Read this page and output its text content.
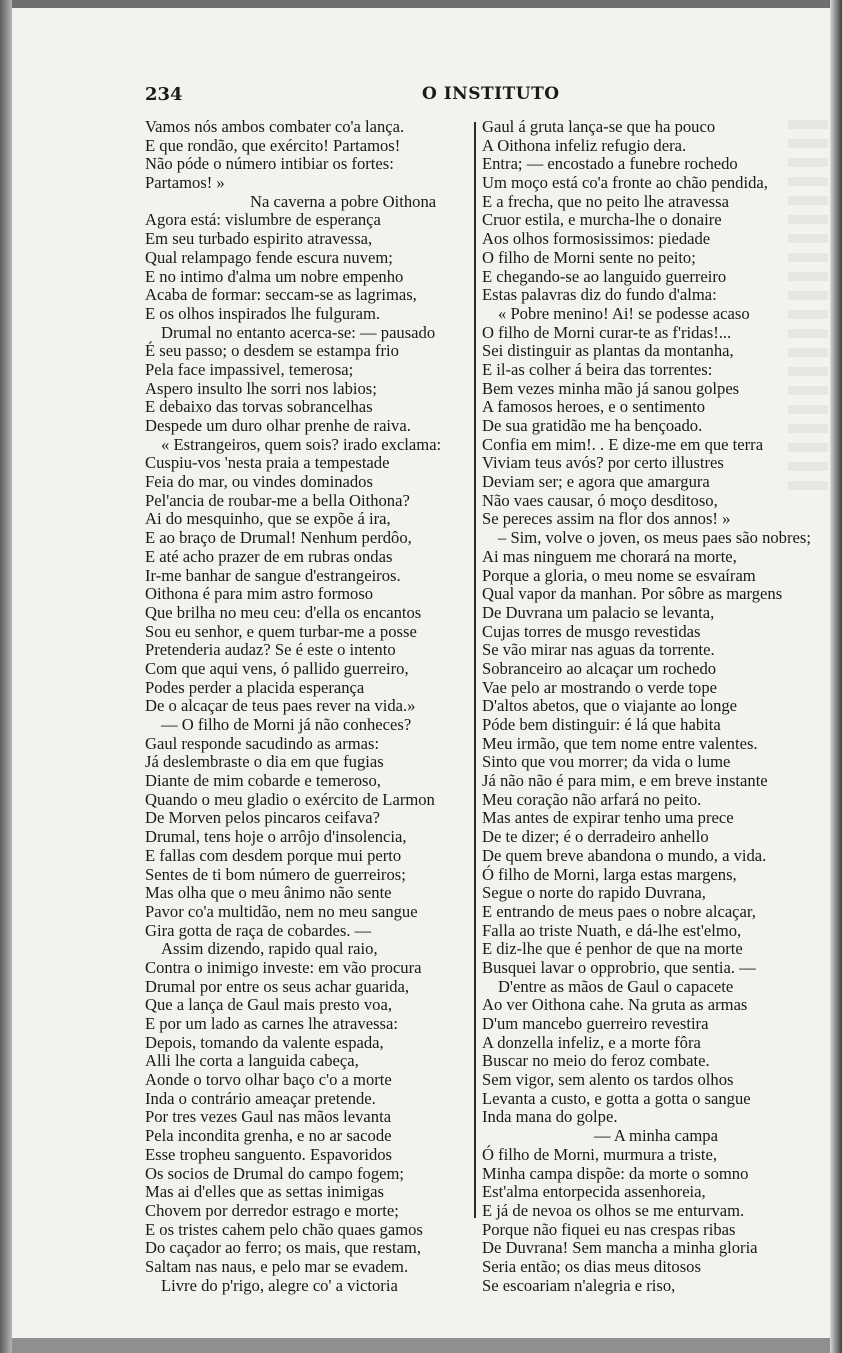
234	O INSTITUTO
Vamos nós ambos combater co'a lança.
E que rondão, que exército! Partamos!
Não póde o número intibiar os fortes:
Partamos! »
Na caverna a pobre Oithona
Agora está: vislumbre de esperança
Em seu turbado espirito atravessa,
Qual relampago fende escura nuvem;
E no intimo d'alma um nobre empenho
Acaba de formar: seccam-se as lagrimas,
E os olhos inspirados lhe fulguram.
Drumal no entanto acerca-se: — pausado
É seu passo; o desdem se estampa frio
Pela face impassivel, temerosa;
Aspero insulto lhe sorri nos labios;
E debaixo das torvas sobrancelhas
Despede um duro olhar prenhe de raiva.
« Estrangeiros, quem sois? irado exclama:
Cuspiu-vos 'nesta praia a tempestade
Feia do mar, ou vindes dominados
Pel'ancia de roubar-me a bella Oithona?
Ai do mesquinho, que se expõe á ira,
E ao braço de Drumal! Nenhum perdôo,
E até acho prazer de em rubras ondas
Ir-me banhar de sangue d'estrangeiros.
Oithona é para mim astro formoso
Que brilha no meu ceu: d'ella os encantos
Sou eu senhor, e quem turbar-me a posse
Pretenderia audaz? Se é este o intento
Com que aqui vens, ó pallido guerreiro,
Podes perder a placida esperança
De o alcaçar de teus paes rever na vida.»
— O filho de Morni já não conheces?
Gaul responde sacudindo as armas:
Já deslembraste o dia em que fugias
Diante de mim cobarde e temeroso,
Quando o meu gladio o exército de Larmon
De Morven pelos pincaros ceifava?
Drumal, tens hoje o arrôjo d'insolencia,
E fallas com desdem porque mui perto
Sentes de ti bom número de guerreiros;
Mas olha que o meu ânimo não sente
Pavor co'a multidão, nem no meu sangue
Gira gotta de raça de cobardes. —
Assim dizendo, rapido qual raio,
Contra o inimigo investe: em vão procura
Drumal por entre os seus achar guarida,
Que a lança de Gaul mais presto voa,
E por um lado as carnes lhe atravessa:
Depois, tomando da valente espada,
Alli lhe corta a languida cabeça,
Aonde o torvo olhar baço c'o a morte
Inda o contrário ameaçar pretende.
Por tres vezes Gaul nas mãos levanta
Pela incondita grenha, e no ar sacode
Esse tropheu sanguento. Espavoridos
Os socios de Drumal do campo fogem;
Mas ai d'elles que as settas inimigas
Chovem por derredor estrago e morte;
E os tristes cahem pelo chão quaes gamos
Do caçador ao ferro; os mais, que restam,
Saltam nas naus, e pelo mar se evadem.
Livre do p'rigo, alegre co' a victoria
Gaul á gruta lança-se que ha pouco
A Oithona infeliz refugio dera.
Entra; — encostado a funebre rochedo
Um moço está co'a fronte ao chão pendida,
E a frecha, que no peito lhe atravessa
Cruor estila, e murcha-lhe o donaire
Aos olhos formosissimos: piedade
O filho de Morni sente no peito;
E chegando-se ao languido guerreiro
Estas palavras diz do fundo d'alma:
« Pobre menino! Ai! se podesse acaso
O filho de Morni curar-te as f'ridas!...
Sei distinguir as plantas da montanha,
E il-as colher á beira das torrentes:
Bem vezes minha mão já sanou golpes
A famosos heroes, e o sentimento
De sua gratidão me ha bençoado.
Confia em mim!. . E dize-me em que terra
Viviam teus avós? por certo illustres
Deviam ser; e agora que amargura
Não vaes causar, ó moço desditoso,
Se pereces assim na flor dos annos! »
– Sim, volve o joven, os meus paes são nobres;
Ai mas ninguem me chorará na morte,
Porque a gloria, o meu nome se esvaíram
Qual vapor da manhan. Por sôbre as margens
De Duvrana um palacio se levanta,
Cujas torres de musgo revestidas
Se vão mirar nas aguas da torrente.
Sobranceiro ao alcaçar um rochedo
Vae pelo ar mostrando o verde tope
D'altos abetos, que o viajante ao longe
Póde bem distinguir: é lá que habita
Meu irmão, que tem nome entre valentes.
Sinto que vou morrer; da vida o lume
Já não não é para mim, e em breve instante
Meu coração não arfará no peito.
Mas antes de expirar tenho uma prece
De te dizer; é o derradeiro anhello
De quem breve abandona o mundo, a vida.
Ó filho de Morni, larga estas margens,
Segue o norte do rapido Duvrana,
E entrando de meus paes o nobre alcaçar,
Falla ao triste Nuath, e dá-lhe est'elmo,
E diz-lhe que é penhor de que na morte
Busquei lavar o opprobrio, que sentia. —
D'entre as mãos de Gaul o capacete
Ao ver Oithona cahe. Na gruta as armas
D'um mancebo guerreiro revestira
A donzella infeliz, e a morte fôra
Buscar no meio do feroz combate.
Sem vigor, sem alento os tardos olhos
Levanta a custo, e gotta a gotta o sangue
Inda mana do golpe.
— A minha campa
Ó filho de Morni, murmura a triste,
Minha campa dispõe: da morte o somno
Est'alma entorpecida assenhoreia,
E já de nevoa os olhos se me enturvam.
Porque não fiquei eu nas crespas ribas
De Duvrana! Sem mancha a minha gloria
Seria então; os dias meus ditosos
Se escoariam n'alegria e riso,
